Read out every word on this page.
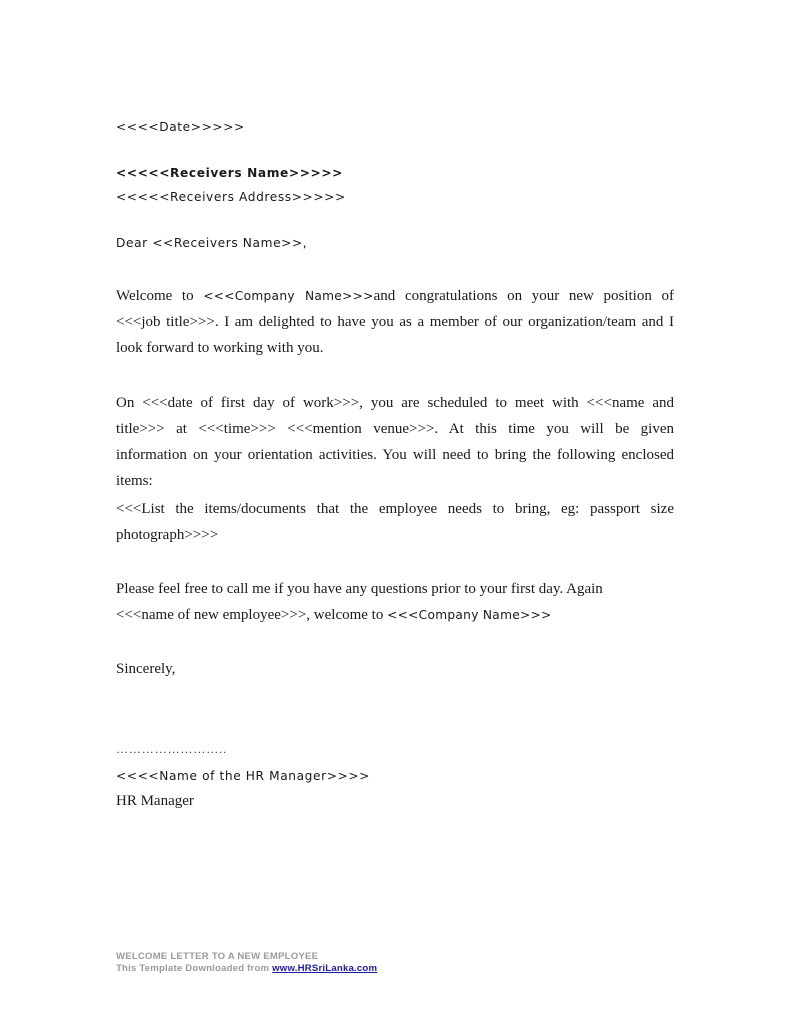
<<<<Date>>>>>
<<<<<Receivers Name>>>>>
<<<<<Receivers Address>>>>>
Dear <<Receivers Name>>,
Welcome to <<<Company Name>>>and congratulations on your new position of
<<<job title>>>. I am delighted to have you as a member of our organization/team and I
look forward to working with you.
On <<<date of first day of work>>>, you are scheduled to meet with <<<name and
title>>> at <<<time>>> <<<mention venue>>>. At this time you will be given
information on your orientation activities. You will need to bring the following enclosed
items:
<<<List the items/documents that the employee needs to bring, eg: passport size
photograph>>>>
Please feel free to call me if you have any questions prior to your first day. Again
<<<name of new employee>>>, welcome to <<<Company Name>>>
Sincerely,
……………………..
<<<<Name of the HR Manager>>>>
HR Manager
WELCOME LETTER TO A NEW EMPLOYEE
This Template Downloaded from www.HRSriLanka.com
